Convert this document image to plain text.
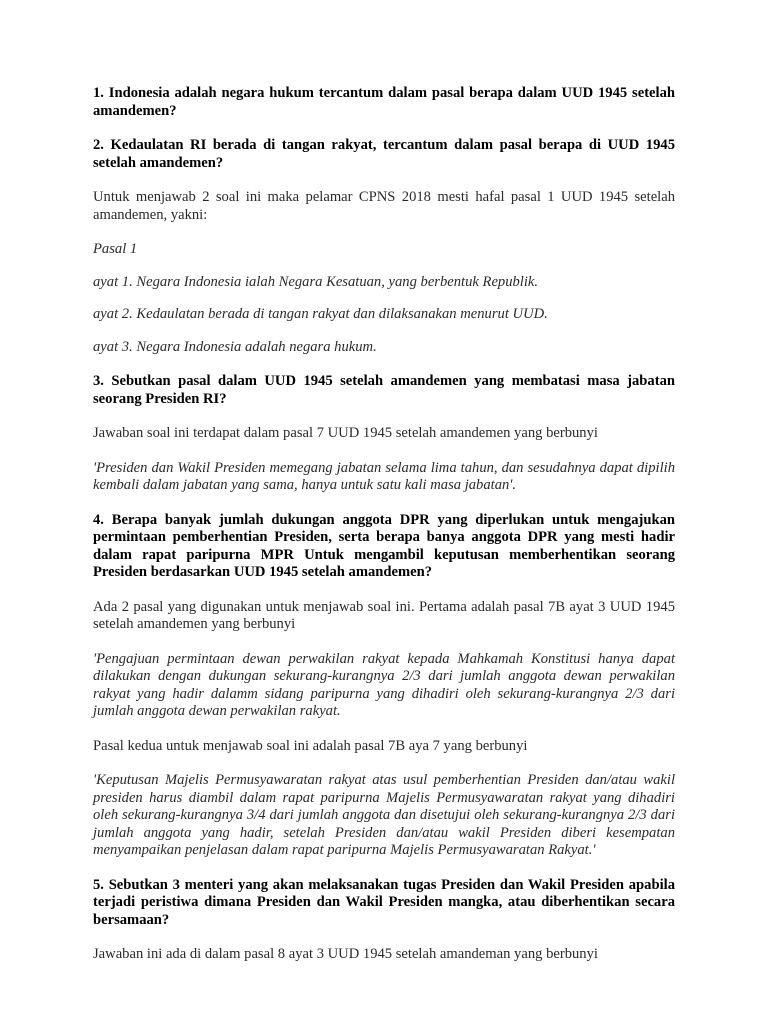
1. Indonesia adalah negara hukum tercantum dalam pasal berapa dalam UUD 1945 setelah amandemen?

2. Kedaulatan RI berada di tangan rakyat, tercantum dalam pasal berapa di UUD 1945 setelah amandemen?

Untuk menjawab 2 soal ini maka pelamar CPNS 2018 mesti hafal pasal 1 UUD 1945 setelah amandemen, yakni:

Pasal 1

ayat 1. Negara Indonesia ialah Negara Kesatuan, yang berbentuk Republik.

ayat 2. Kedaulatan berada di tangan rakyat dan dilaksanakan menurut UUD.

ayat 3. Negara Indonesia adalah negara hukum.

3. Sebutkan pasal dalam UUD 1945 setelah amandemen yang membatasi masa jabatan seorang Presiden RI?

Jawaban soal ini terdapat dalam pasal 7 UUD 1945 setelah amandemen yang berbunyi

'Presiden dan Wakil Presiden memegang jabatan selama lima tahun, dan sesudahnya dapat dipilih kembali dalam jabatan yang sama, hanya untuk satu kali masa jabatan'.

4. Berapa banyak jumlah dukungan anggota DPR yang diperlukan untuk mengajukan permintaan pemberhentian Presiden, serta berapa banya anggota DPR yang mesti hadir dalam rapat paripurna MPR Untuk mengambil keputusan memberhentikan seorang Presiden berdasarkan UUD 1945 setelah amandemen?

Ada 2 pasal yang digunakan untuk menjawab soal ini. Pertama adalah pasal 7B ayat 3 UUD 1945 setelah amandemen yang berbunyi

'Pengajuan permintaan dewan perwakilan rakyat kepada Mahkamah Konstitusi hanya dapat dilakukan dengan dukungan sekurang-kurangnya 2/3 dari jumlah anggota dewan perwakilan rakyat yang hadir dalamm sidang paripurna yang dihadiri oleh sekurang-kurangnya 2/3 dari jumlah anggota dewan perwakilan rakyat.

Pasal kedua untuk menjawab soal ini adalah pasal 7B aya 7 yang berbunyi

'Keputusan Majelis Permusyawaratan rakyat atas usul pemberhentian Presiden dan/atau wakil presiden harus diambil dalam rapat paripurna Majelis Permusyawaratan rakyat yang dihadiri oleh sekurang-kurangnya 3/4 dari jumlah anggota dan disetujui oleh sekurang-kurangnya 2/3 dari jumlah anggota yang hadir, setelah Presiden dan/atau wakil Presiden diberi kesempatan menyampaikan penjelasan dalam rapat paripurna Majelis Permusyawaratan Rakyat.'

5. Sebutkan 3 menteri yang akan melaksanakan tugas Presiden dan Wakil Presiden apabila terjadi peristiwa dimana Presiden dan Wakil Presiden mangka, atau diberhentikan secara bersamaan?

Jawaban ini ada di dalam pasal 8 ayat 3 UUD 1945 setelah amandeman yang berbunyi
